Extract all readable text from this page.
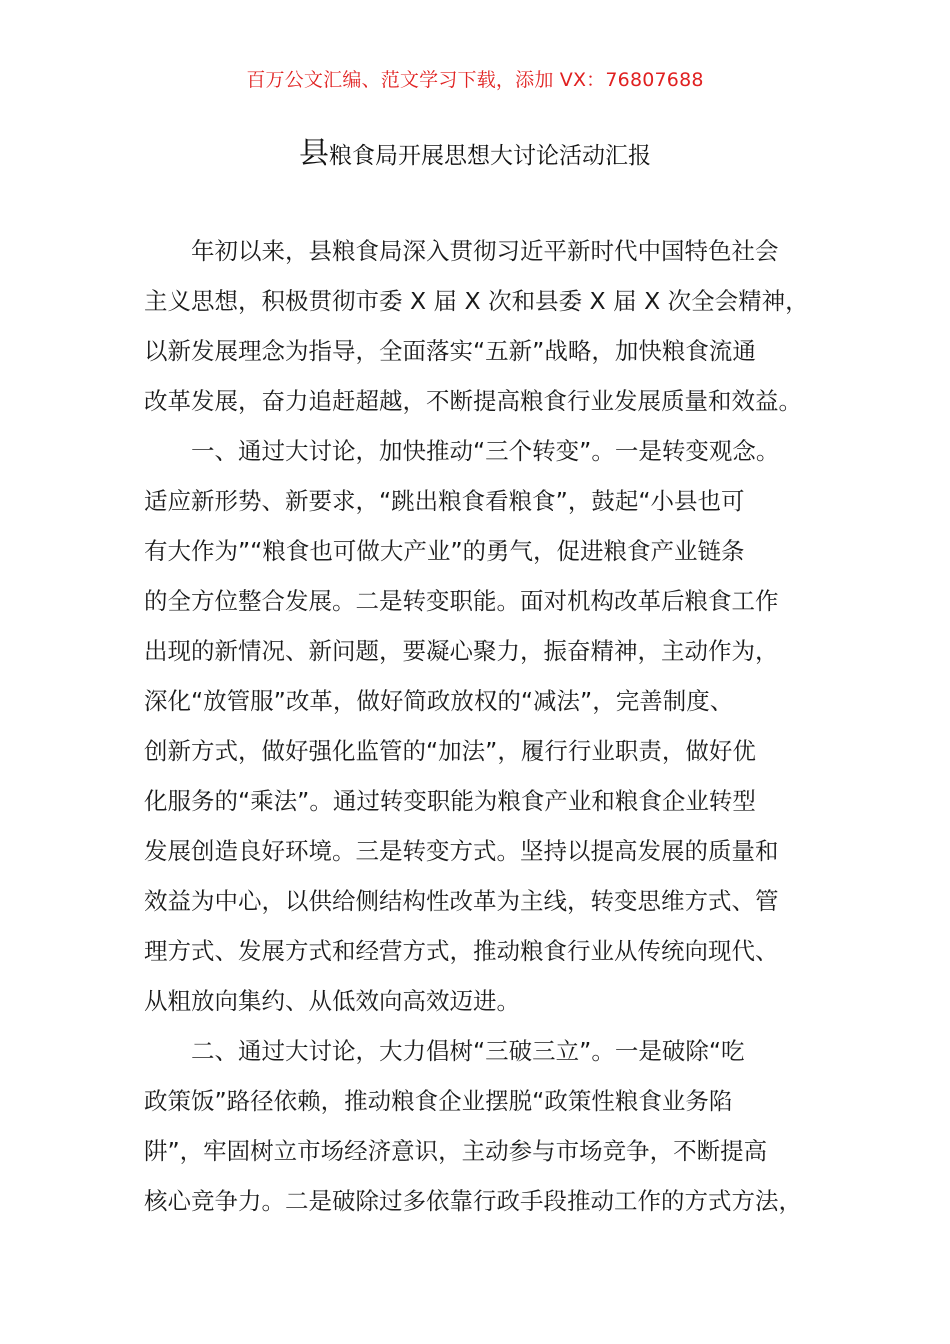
百万公文汇编、范文学习下载，添加 VX：76807688
县粮食局开展思想大讨论活动汇报
年初以来，县粮食局深入贯彻习近平新时代中国特色社会
主义思想，积极贯彻市委 X 届 X 次和县委 X 届 X 次全会精神，
以新发展理念为指导，全面落实“五新”战略，加快粮食流通
改革发展，奋力追赶超越，不断提高粮食行业发展质量和效益。
一、通过大讨论，加快推动“三个转变”。一是转变观念。
适应新形势、新要求，“跳出粮食看粮食”，鼓起“小县也可
有大作为”“粮食也可做大产业”的勇气，促进粮食产业链条
的全方位整合发展。二是转变职能。面对机构改革后粮食工作
出现的新情况、新问题，要凝心聚力，振奋精神，主动作为，
深化“放管服”改革，做好简政放权的“减法”，完善制度、
创新方式，做好强化监管的“加法”，履行行业职责，做好优
化服务的“乘法”。通过转变职能为粮食产业和粮食企业转型
发展创造良好环境。三是转变方式。坚持以提高发展的质量和
效益为中心，以供给侧结构性改革为主线，转变思维方式、管
理方式、发展方式和经营方式，推动粮食行业从传统向现代、
从粗放向集约、从低效向高效迈进。
二、通过大讨论，大力倡树“三破三立”。一是破除“吃
政策饭”路径依赖，推动粮食企业摆脱“政策性粮食业务陷
阱”，牢固树立市场经济意识，主动参与市场竞争，不断提高
核心竞争力。二是破除过多依靠行政手段推动工作的方式方法，
